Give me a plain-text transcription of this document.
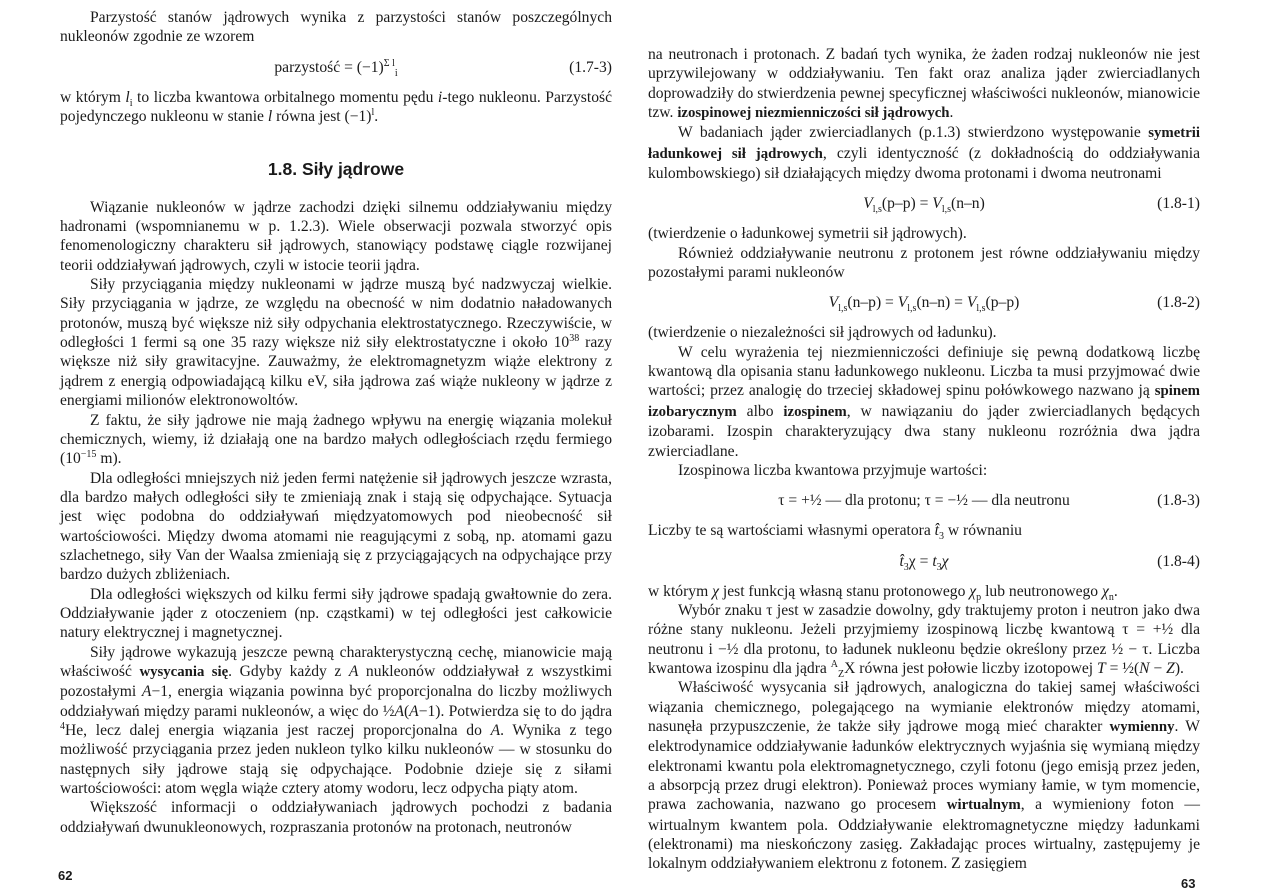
Parzystość stanów jądrowych wynika z parzystości stanów poszczególnych nukleonów zgodnie ze wzorem
parzystość = $(-1)^{\Sigma l}_i$	(1.7-3)
w którym $l_i$ to liczba kwantowa orbitalnego momentu pędu i-tego nukleonu. Parzystość pojedynczego nukleonu w stanie l równa jest $(-1)^l$.
1.8. Siły jądrowe
Wiązanie nukleonów w jądrze zachodzi dzięki silnemu oddziaływaniu między hadronami (wspomnianemu w p. 1.2.3). Wiele obserwacji pozwala stworzyć opis fenomenologiczny charakteru sił jądrowych, stanowiący podstawę ciągle rozwijanej teorii oddziaływań jądrowych, czyli w istocie teorii jądra.
Siły przyciągania między nukleonami w jądrze muszą być nadzwyczaj wielkie. Siły przyciągania w jądrze, ze względu na obecność w nim dodatnio naładowanych protonów, muszą być większe niż siły odpychania elektrostatycznego. Rzeczywiście, w odległości 1 fermi są one 35 razy większe niż siły elektrostatyczne i około $10^{38}$ razy większe niż siły grawitacyjne. Zauważmy, że elektromagnetyzm wiąże elektrony z jądrem z energią odpowiadającą kilku eV, siła jądrowa zaś wiąże nukleony w jądrze z energiami milionów elektronowoltów.
Z faktu, że siły jądrowe nie mają żadnego wpływu na energię wiązania molekuł chemicznych, wiemy, iż działają one na bardzo małych odległościach rzędu fermiego ($10^{-15}$ m).
Dla odległości mniejszych niż jeden fermi natężenie sił jądrowych jeszcze wzrasta, dla bardzo małych odległości siły te zmieniają znak i stają się odpychające. Sytuacja jest więc podobna do oddziaływań międzyatomowych pod nieobecność sił wartościowości. Między dwoma atomami nie reagującymi z sobą, np. atomami gazu szlachetnego, siły Van der Waalsa zmieniają się z przyciągających na odpychające przy bardzo dużych zbliżeniach.
Dla odległości większych od kilku fermi siły jądrowe spadają gwałtownie do zera. Oddziaływanie jąder z otoczeniem (np. cząstkami) w tej odległości jest całkowicie natury elektrycznej i magnetycznej.
Siły jądrowe wykazują jeszcze pewną charakterystyczną cechę, mianowicie mają właściwość wysycania się. Gdyby każdy z A nukleonów oddziaływał z wszystkimi pozostałymi A−1, energia wiązania powinna być proporcjonalna do liczby możliwych oddziaływań między parami nukleonów, a więc do ½A(A−1). Potwierdza się to do jądra $^4$He, lecz dalej energia wiązania jest raczej proporcjonalna do A. Wynika z tego możliwość przyciągania przez jeden nukleon tylko kilku nukleonów — w stosunku do następnych siły jądrowe stają się odpychające. Podobnie dzieje się z siłami wartościowości: atom węgla wiąże cztery atomy wodoru, lecz odpycha piąty atom.
Większość informacji o oddziaływaniach jądrowych pochodzi z badania oddziaływań dwunukleonowych, rozpraszania protonów na protonach, neutronów
na neutronach i protonach. Z badań tych wynika, że żaden rodzaj nukleonów nie jest uprzywilejowany w oddziaływaniu. Ten fakt oraz analiza jąder zwierciadlanych doprowadziły do stwierdzenia pewnej specyficznej właściwości nukleonów, mianowicie tzw. izospinowej niezmienniczości sił jądrowych.
W badaniach jąder zwierciadlanych (p.1.3) stwierdzono występowanie symetrii ładunkowej sił jądrowych, czyli identyczność (z dokładnością do oddziaływania kulombowskiego) sił działających między dwoma protonami i dwoma neutronami
$V_{l,s}(p-p) = V_{l,s}(n-n)$	(1.8-1)
(twierdzenie o ładunkowej symetrii sił jądrowych).
Również oddziaływanie neutronu z protonem jest równe oddziaływaniu między pozostałymi parami nukleonów
$V_{l,s}(n-p) = V_{l,s}(n-n) = V_{l,s}(p-p)$	(1.8-2)
(twierdzenie o niezależności sił jądrowych od ładunku).
W celu wyrażenia tej niezmienniczości definiuje się pewną dodatkową liczbę kwantową dla opisania stanu ładunkowego nukleonu. Liczba ta musi przyjmować dwie wartości; przez analogię do trzeciej składowej spinu połówkowego nazwano ją spinem izobarycznym albo izospinem, w nawiązaniu do jąder zwierciadlanych będących izobarami. Izospin charakteryzujący dwa stany nukleonu rozróżnia dwa jądra zwierciadlane.
Izospinowa liczba kwantowa przyjmuje wartości:
τ = +½ — dla protonu; τ = −½ — dla neutronu	(1.8-3)
Liczby te są wartościami własnymi operatora $t̂_3$ w równaniu
$t̂_3\chi = t_3\chi$	(1.8-4)
w którym χ jest funkcją własną stanu protonowego $\chi_p$ lub neutronowego $\chi_n$.
Wybór znaku τ jest w zasadzie dowolny, gdy traktujemy proton i neutron jako dwa różne stany nukleonu. Jeżeli przyjmiemy izospinową liczbę kwantową τ = +½ dla neutronu i −½ dla protonu, to ładunek nukleonu będzie określony przez ½ − τ. Liczba kwantowa izospinu dla jądra $^A_Z$X równa jest połowie liczby izotopowej T = ½(N − Z).
Właściwość wysycania sił jądrowych, analogiczna do takiej samej właściwości wiązania chemicznego, polegającego na wymianie elektronów między atomami, nasunęła przypuszczenie, że także siły jądrowe mogą mieć charakter wymienny. W elektrodynamice oddziaływanie ładunków elektrycznych wyjaśnia się wymianą między elektronami kwantu pola elektromagnetycznego, czyli fotonu (jego emisją przez jeden, a absorpcją przez drugi elektron). Ponieważ proces wymiany łamie, w tym momencie, prawa zachowania, nazwano go procesem wirtualnym, a wymieniony foton — wirtualnym kwantem pola. Oddziaływanie elektromagnetyczne między ładunkami (elektronami) ma nieskończony zasięg. Zakładając proces wirtualny, zastępujemy je lokalnym oddziaływaniem elektronu z fotonem. Z zasięgiem
62
63
